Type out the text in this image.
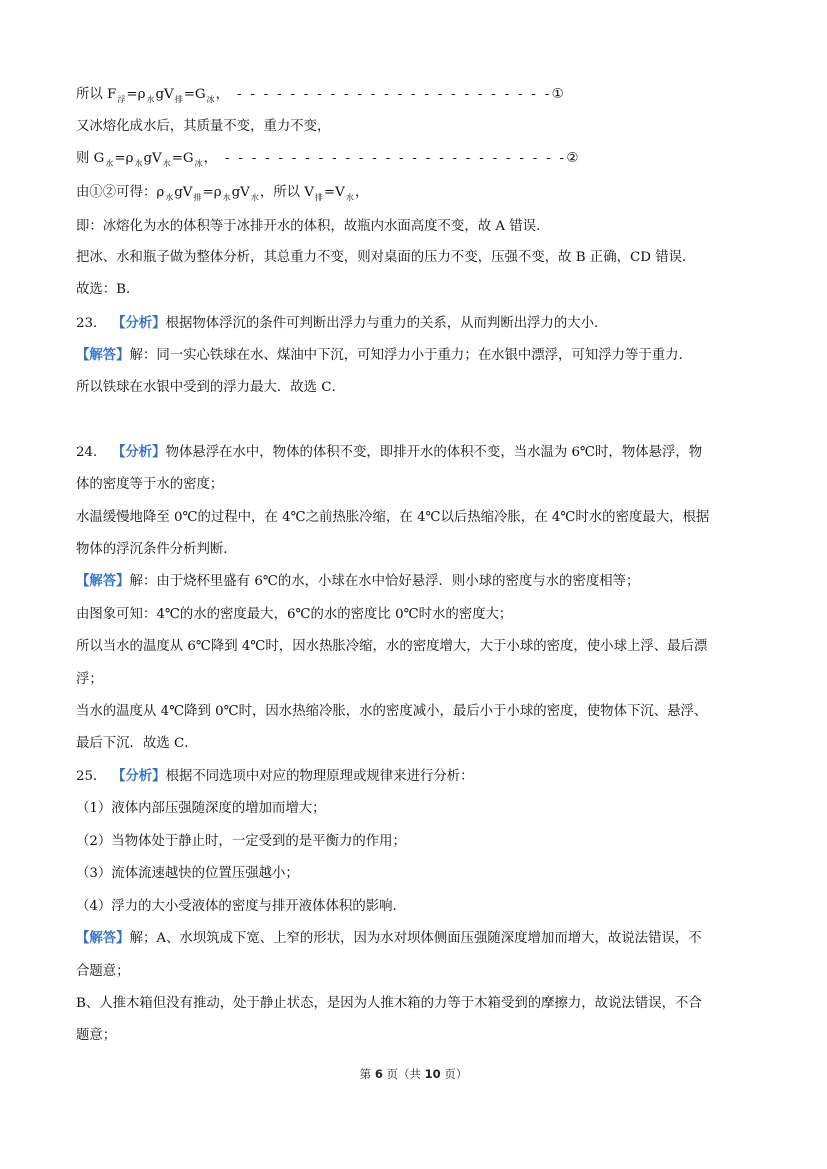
所以 $F_浮=\rho_水gV_排=G_冰$， - - - - - - - - - - - - - - - - - - - - - - - -①
又冰熔化成水后，其质量不变，重力不变，
则 $G_水=\rho_水gV_水=G_冰$， - - - - - - - - - - - - - - - - - - - - - - - - - -②
由①②可得：$\rho_水gV_排=\rho_水gV_水$，所以 $V_排=V_水$，
即：冰熔化为水的体积等于冰排开水的体积，故瓶内水面高度不变，故 A 错误．
把冰、水和瓶子做为整体分析，其总重力不变，则对桌面的压力不变，压强不变，故 B 正确，CD 错误．
故选：B．
23． 【分析】根据物体浮沉的条件可判断出浮力与重力的关系，从而判断出浮力的大小．
【解答】解：同一实心铁球在水、煤油中下沉，可知浮力小于重力；在水银中漂浮，可知浮力等于重力．
所以铁球在水银中受到的浮力最大．故选 C．
24． 【分析】物体悬浮在水中，物体的体积不变，即排开水的体积不变，当水温为 6℃时，物体悬浮，物
体的密度等于水的密度；
水温缓慢地降至 0℃的过程中，在 4℃之前热胀冷缩，在 4℃以后热缩冷胀，在 4℃时水的密度最大，根据
物体的浮沉条件分析判断．
【解答】解：由于烧杯里盛有 6℃的水，小球在水中恰好悬浮．则小球的密度与水的密度相等；
由图象可知：4℃的水的密度最大，6℃的水的密度比 0℃时水的密度大；
所以当水的温度从 6℃降到 4℃时，因水热胀冷缩，水的密度增大，大于小球的密度，使小球上浮、最后漂
浮；
当水的温度从 4℃降到 0℃时，因水热缩冷胀，水的密度减小，最后小于小球的密度，使物体下沉、悬浮、
最后下沉．故选 C．
25． 【分析】根据不同选项中对应的物理原理或规律来进行分析：
（1）液体内部压强随深度的增加而增大；
（2）当物体处于静止时，一定受到的是平衡力的作用；
（3）流体流速越快的位置压强越小；
（4）浮力的大小受液体的密度与排开液体体积的影响．
【解答】解；A、水坝筑成下宽、上窄的形状，因为水对坝体侧面压强随深度增加而增大，故说法错误，不
合题意；
B、人推木箱但没有推动，处于静止状态，是因为人推木箱的力等于木箱受到的摩擦力，故说法错误，不合
题意；
第 6 页（共 10 页）
